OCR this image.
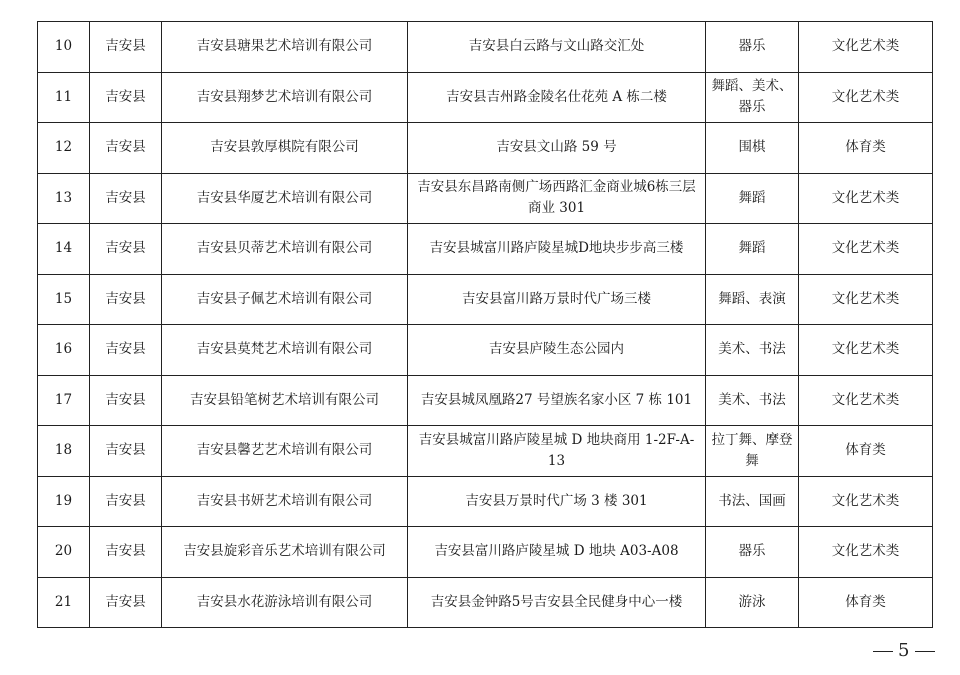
10	吉安县	吉安县瑭果艺术培训有限公司	吉安县白云路与文山路交汇处	器乐	文化艺术类
11	吉安县	吉安县翔梦艺术培训有限公司	吉安县吉州路金陵名仕花苑 A 栋二楼	舞蹈、美术、器乐	文化艺术类
12	吉安县	吉安县敦厚棋院有限公司	吉安县文山路 59 号	围棋	体育类
13	吉安县	吉安县华厦艺术培训有限公司	吉安县东昌路南侧广场西路汇金商业城6栋三层商业 301	舞蹈	文化艺术类
14	吉安县	吉安县贝蒂艺术培训有限公司	吉安县城富川路庐陵星城D地块步步高三楼	舞蹈	文化艺术类
15	吉安县	吉安县子佩艺术培训有限公司	吉安县富川路万景时代广场三楼	舞蹈、表演	文化艺术类
16	吉安县	吉安县莫梵艺术培训有限公司	吉安县庐陵生态公园内	美术、书法	文化艺术类
17	吉安县	吉安县铅笔树艺术培训有限公司	吉安县城凤凰路27 号望族名家小区 7 栋 101	美术、书法	文化艺术类
18	吉安县	吉安县馨艺艺术培训有限公司	吉安县城富川路庐陵星城 D 地块商用 1-2F-A-13	拉丁舞、摩登舞	体育类
19	吉安县	吉安县书妍艺术培训有限公司	吉安县万景时代广场 3 楼 301	书法、国画	文化艺术类
20	吉安县	吉安县旋彩音乐艺术培训有限公司	吉安县富川路庐陵星城 D 地块 A03-A08	器乐	文化艺术类
21	吉安县	吉安县水花游泳培训有限公司	吉安县金钟路5号吉安县全民健身中心一楼	游泳	体育类
5
